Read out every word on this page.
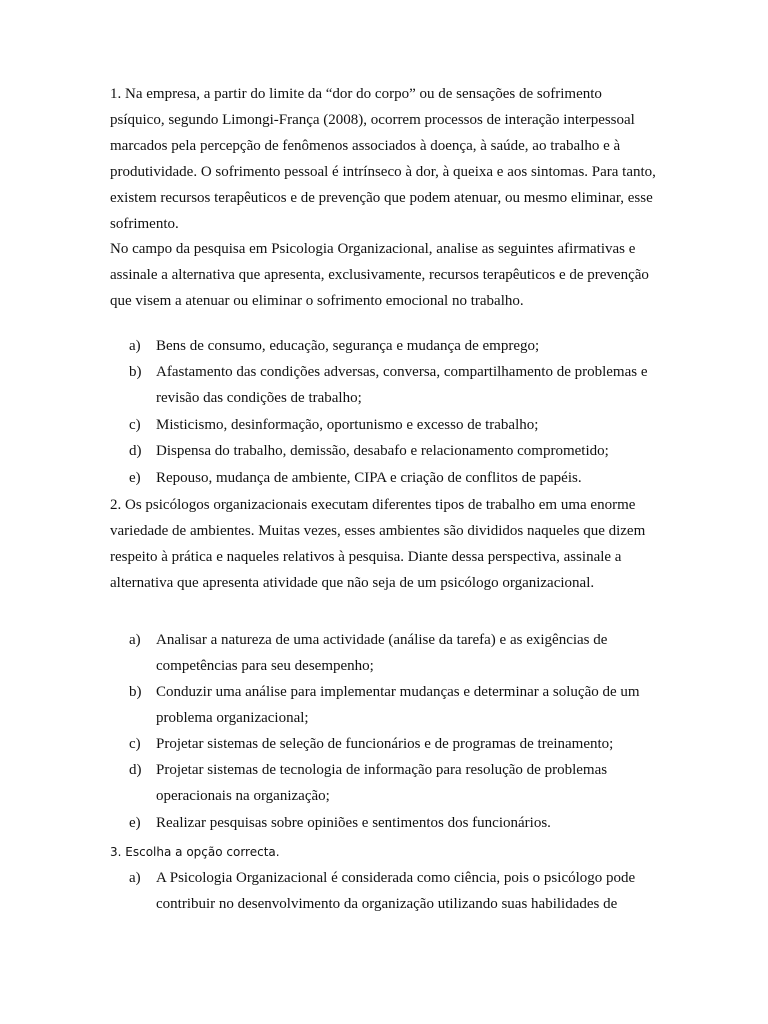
1. Na empresa, a partir do limite da “dor do corpo” ou de sensações de sofrimento psíquico, segundo Limongi-França (2008), ocorrem processos de interação interpessoal marcados pela percepção de fenômenos associados à doença, à saúde, ao trabalho e à produtividade. O sofrimento pessoal é intrínseco à dor, à queixa e aos sintomas. Para tanto, existem recursos terapêuticos e de prevenção que podem atenuar, ou mesmo eliminar, esse sofrimento.

No campo da pesquisa em Psicologia Organizacional, analise as seguintes afirmativas e assinale a alternativa que apresenta, exclusivamente, recursos terapêuticos e de prevenção que visem a atenuar ou eliminar o sofrimento emocional no trabalho.

a) Bens de consumo, educação, segurança e mudança de emprego;
b) Afastamento das condições adversas, conversa, compartilhamento de problemas e revisão das condições de trabalho;
c) Misticismo, desinformação, oportunismo e excesso de trabalho;
d) Dispensa do trabalho, demissão, desabafo e relacionamento comprometido;
e) Repouso, mudança de ambiente, CIPA e criação de conflitos de papéis.

2. Os psicólogos organizacionais executam diferentes tipos de trabalho em uma enorme variedade de ambientes. Muitas vezes, esses ambientes são divididos naqueles que dizem respeito à prática e naqueles relativos à pesquisa. Diante dessa perspectiva, assinale a alternativa que apresenta atividade que não seja de um psicólogo organizacional.

a) Analisar a natureza de uma actividade (análise da tarefa) e as exigências de competências para seu desempenho;
b) Conduzir uma análise para implementar mudanças e determinar a solução de um problema organizacional;
c) Projetar sistemas de seleção de funcionários e de programas de treinamento;
d) Projetar sistemas de tecnologia de informação para resolução de problemas operacionais na organização;
e) Realizar pesquisas sobre opiniões e sentimentos dos funcionários.

3. Escolha a opção correcta.

a) A Psicologia Organizacional é considerada como ciência, pois o psicólogo pode contribuir no desenvolvimento da organização utilizando suas habilidades de
